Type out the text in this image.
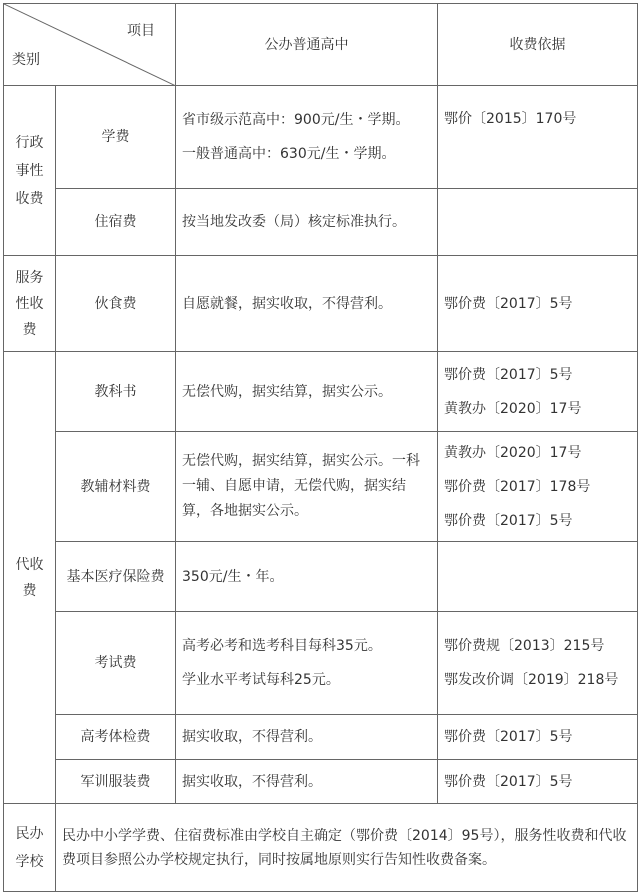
项目
类别		公办普通高中	收费依据

行政事性收费	学费	省市级示范高中：900元/生・学期。
一般普通高中：630元/生・学期。	鄂价〔2015〕170号

	住宿费	按当地发改委（局）核定标准执行。	

服务性收费	伙食费	自愿就餐，据实收取，不得营利。	鄂价费〔2017〕5号

代收费	教科书	无偿代购，据实结算，据实公示。	鄂价费〔2017〕5号
黄教办〔2020〕17号

	教辅材料费	无偿代购，据实结算，据实公示。一科一辅、自愿申请，无偿代购，据实结算，各地据实公示。	黄教办〔2020〕17号
鄂价费〔2017〕178号
鄂价费〔2017〕5号

	基本医疗保险费	350元/生・年。	
	考试费	高考必考和选考科目每科35元。
学业水平考试每科25元。	鄂价费规〔2013〕215号
鄂发改价调〔2019〕218号

	高考体检费	据实收取，不得营利。	鄂价费〔2017〕5号
	军训服装费	据实收取，不得营利。	鄂价费〔2017〕5号

民办学校	民办中小学学费、住宿费标准由学校自主确定（鄂价费〔2014〕95号），服务性收费和代收费项目参照公办学校规定执行，同时按属地原则实行告知性收费备案。		
